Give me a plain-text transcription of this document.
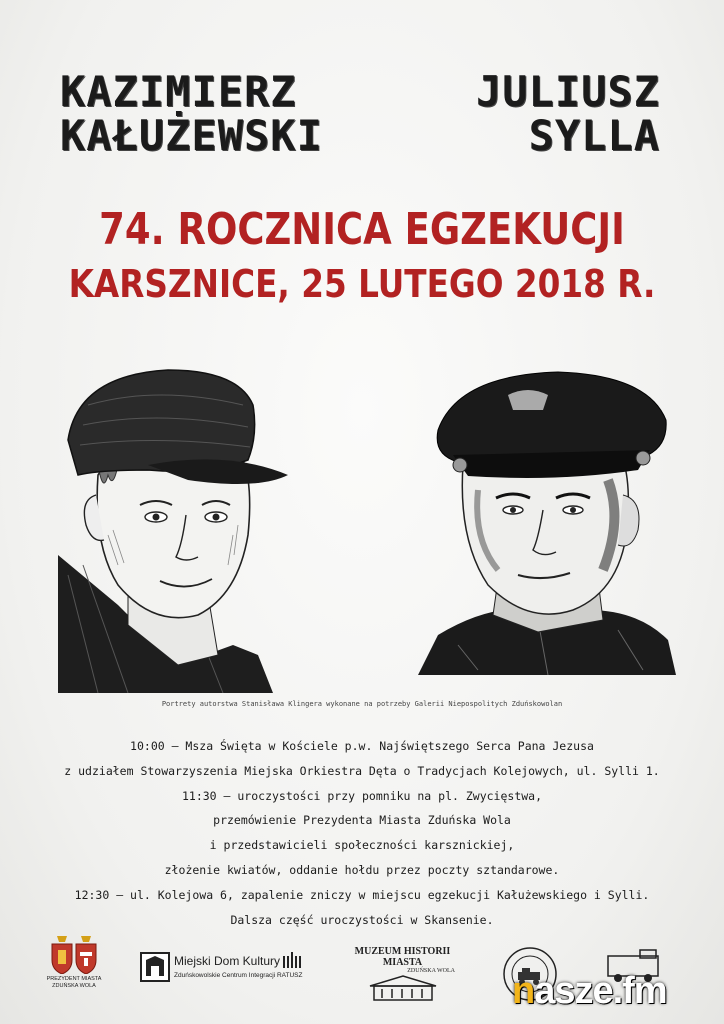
KAZIMIERZ
KAŁUŻEWSKI
JULIUSZ
SYLLA
74. ROCZNICA EGZEKUCJI
KARSZNICE, 25 LUTEGO 2018 R.
Portrety autorstwa Stanisława Klingera wykonane na potrzeby Galerii Niepospolitych Zduńskowolan
10:00 – Msza Święta w Kościele p.w. Najświętszego Serca Pana Jezusa
z udziałem Stowarzyszenia Miejska Orkiestra Dęta o Tradycjach Kolejowych, ul. Sylli 1.
11:30 – uroczystości przy pomniku na pl. Zwycięstwa,
przemówienie Prezydenta Miasta Zduńska Wola
i przedstawicieli społeczności karsznickiej,
złożenie kwiatów, oddanie hołdu przez poczty sztandarowe.
12:30 – ul. Kolejowa 6, zapalenie zniczy w miejscu egzekucji Kałużewskiego i Sylli.
Dalsza część uroczystości w Skansenie.
PREZYDENT MIASTA
ZDUŃSKA WOLA
Miejski Dom Kultury
Zduńskowolskie Centrum Integracji RATUSZ
MUZEUM HISTORII MIASTA
ZDUŃSKA WOLA nasze.fm
